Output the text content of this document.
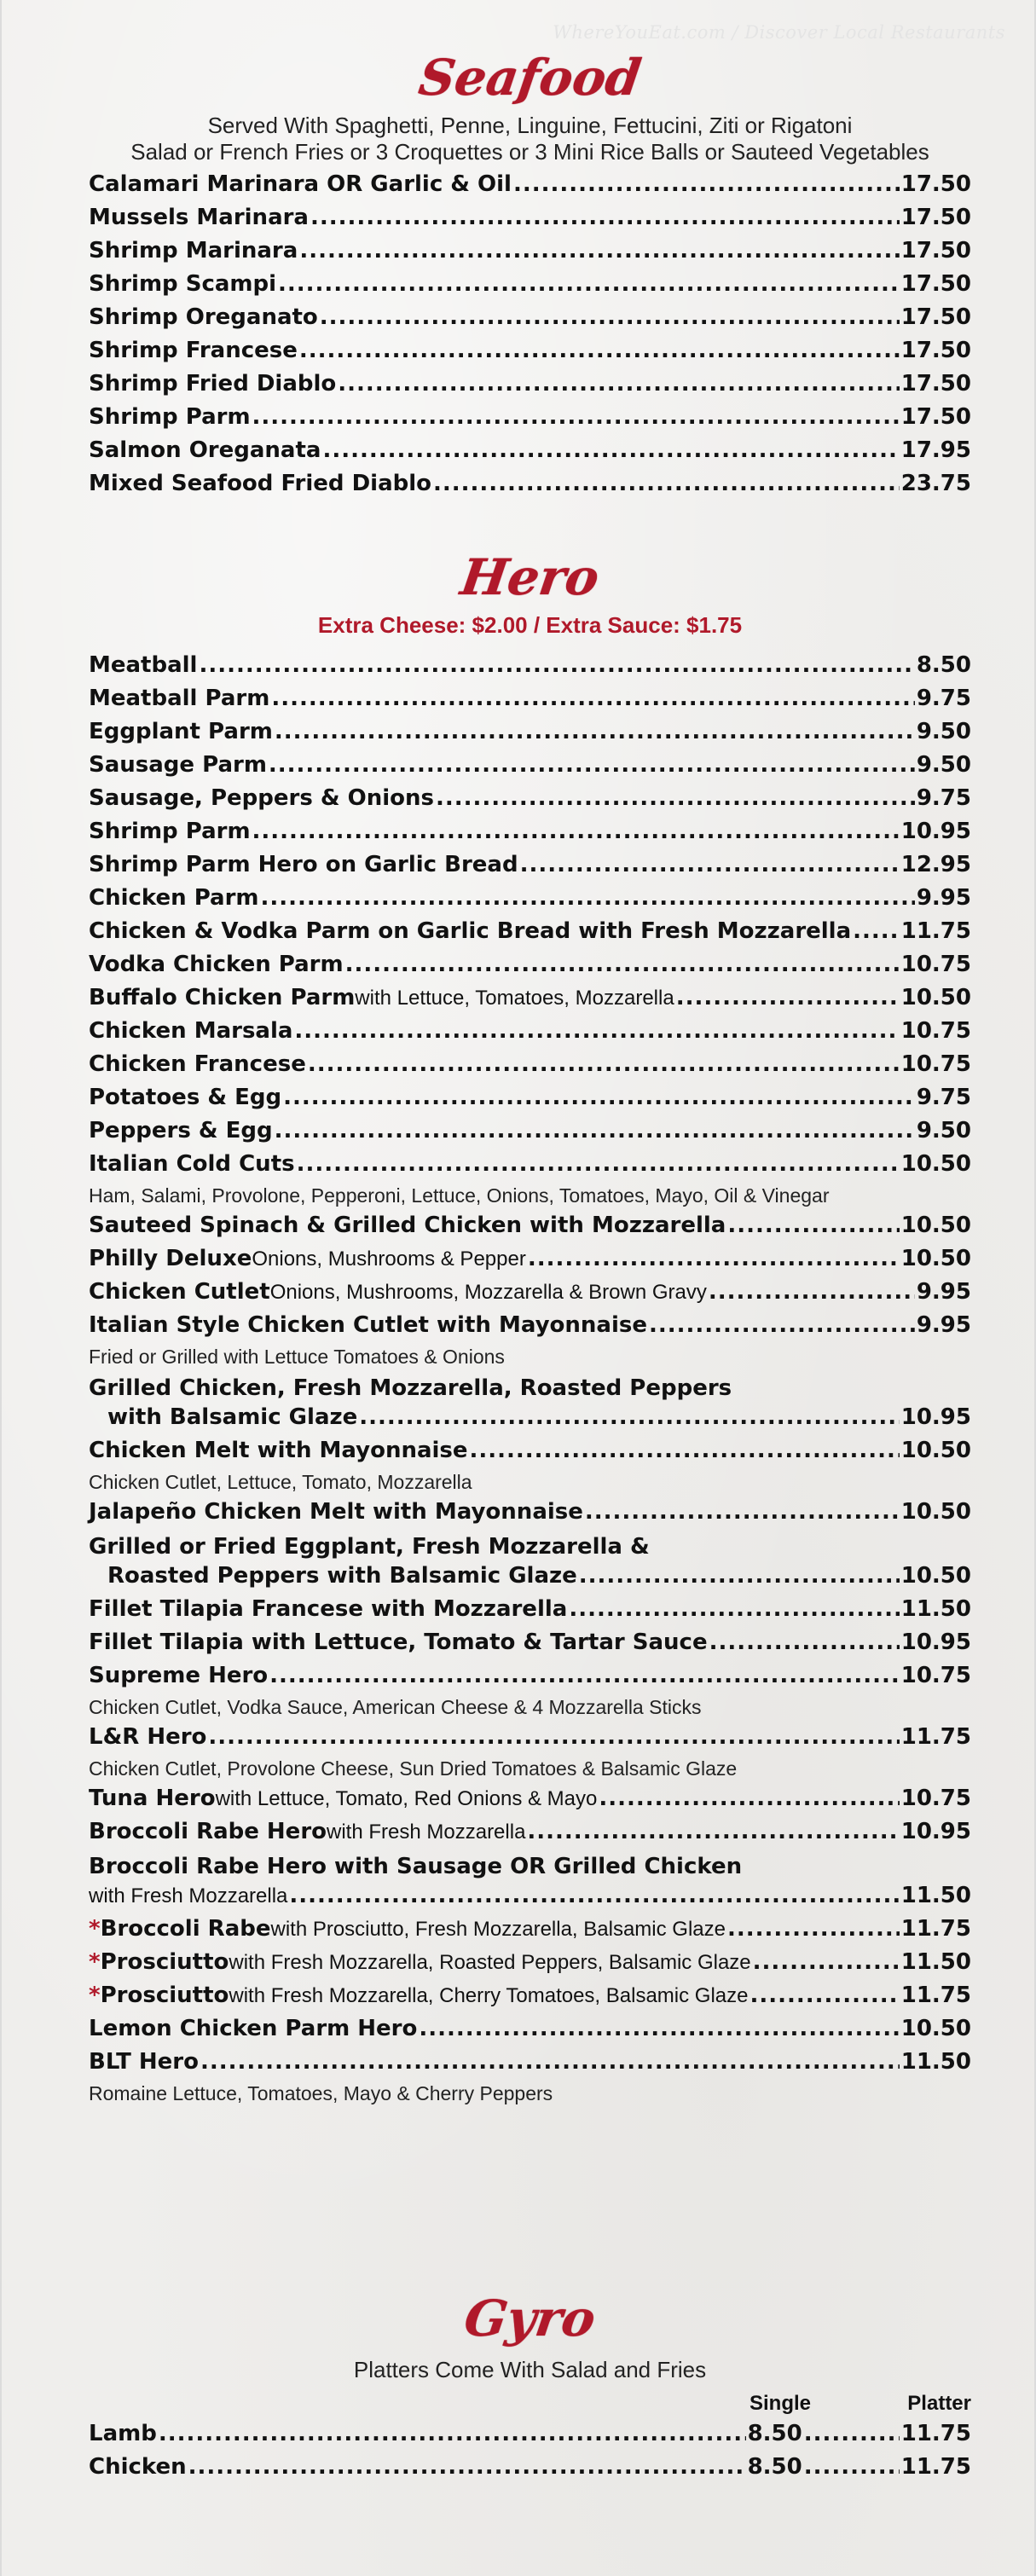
WhereYouEat.com / Discover Local Restaurants
Seafood
Served With Spaghetti, Penne, Linguine, Fettucini, Ziti or Rigatoni
Salad or French Fries or 3 Croquettes or 3 Mini Rice Balls or Sauteed Vegetables
Calamari Marinara OR Garlic & Oil .....	17.50
Mussels Marinara .....	17.50
Shrimp Marinara .....	17.50
Shrimp Scampi .....	17.50
Shrimp Oreganato .....	17.50
Shrimp Francese .....	17.50
Shrimp Fried Diablo .....	17.50
Shrimp Parm .....	17.50
Salmon Oreganata .....	17.95
Mixed Seafood Fried Diablo .....	23.75
Hero
Extra Cheese: $2.00 / Extra Sauce: $1.75
Meatball .....	8.50
Meatball Parm .....	9.75
Eggplant Parm .....	9.50
Sausage Parm .....	9.50
Sausage, Peppers & Onions .....	9.75
Shrimp Parm .....	10.95
Shrimp Parm Hero on Garlic Bread .....	12.95
Chicken Parm .....	9.95
Chicken & Vodka Parm on Garlic Bread with Fresh Mozzarella ..... 11.75
Vodka Chicken Parm .....	10.75
Buffalo Chicken Parm with Lettuce, Tomatoes, Mozzarella .....	10.50
Chicken Marsala .....	10.75
Chicken Francese .....	10.75
Potatoes & Egg .....	9.75
Peppers & Egg .....	9.50
Italian Cold Cuts .....	10.50
Ham, Salami, Provolone, Pepperoni, Lettuce, Onions, Tomatoes, Mayo, Oil & Vinegar
Sauteed Spinach & Grilled Chicken with Mozzarella .....	10.50
Philly Deluxe Onions, Mushrooms & Pepper .....	10.50
Chicken Cutlet Onions, Mushrooms, Mozzarella & Brown Gravy .....	9.95
Italian Style Chicken Cutlet with Mayonnaise .....	9.95
Fried or Grilled with Lettuce Tomatoes & Onions
Grilled Chicken, Fresh Mozzarella, Roasted Peppers
with Balsamic Glaze .....	10.95
Chicken Melt with Mayonnaise .....	10.50
Chicken Cutlet, Lettuce, Tomato, Mozzarella
Jalapeño Chicken Melt with Mayonnaise .....	10.50
Grilled or Fried Eggplant, Fresh Mozzarella &
Roasted Peppers with Balsamic Glaze .....	10.50
Fillet Tilapia Francese with Mozzarella .....	11.50
Fillet Tilapia with Lettuce, Tomato & Tartar Sauce .....	10.95
Supreme Hero .....	10.75
Chicken Cutlet, Vodka Sauce, American Cheese & 4 Mozzarella Sticks
L&R Hero .....	11.75
Chicken Cutlet, Provolone Cheese, Sun Dried Tomatoes & Balsamic Glaze
Tuna Hero with Lettuce, Tomato, Red Onions & Mayo .....	10.75
Broccoli Rabe Hero with Fresh Mozzarella .....	10.95
Broccoli Rabe Hero with Sausage OR Grilled Chicken
with Fresh Mozzarella .....	11.50
*Broccoli Rabe with Prosciutto, Fresh Mozzarella, Balsamic Glaze .....	11.75
*Prosciutto with Fresh Mozzarella, Roasted Peppers, Balsamic Glaze .....	11.50
*Prosciutto with Fresh Mozzarella, Cherry Tomatoes, Balsamic Glaze .....	11.75
Lemon Chicken Parm Hero .....	10.50
BLT Hero .....	11.50
Romaine Lettuce, Tomatoes, Mayo & Cherry Peppers
Gyro
Platters Come With Salad and Fries
Single	Platter
Lamb .....	8.50 .....	11.75
Chicken .....	8.50 .....	11.75
